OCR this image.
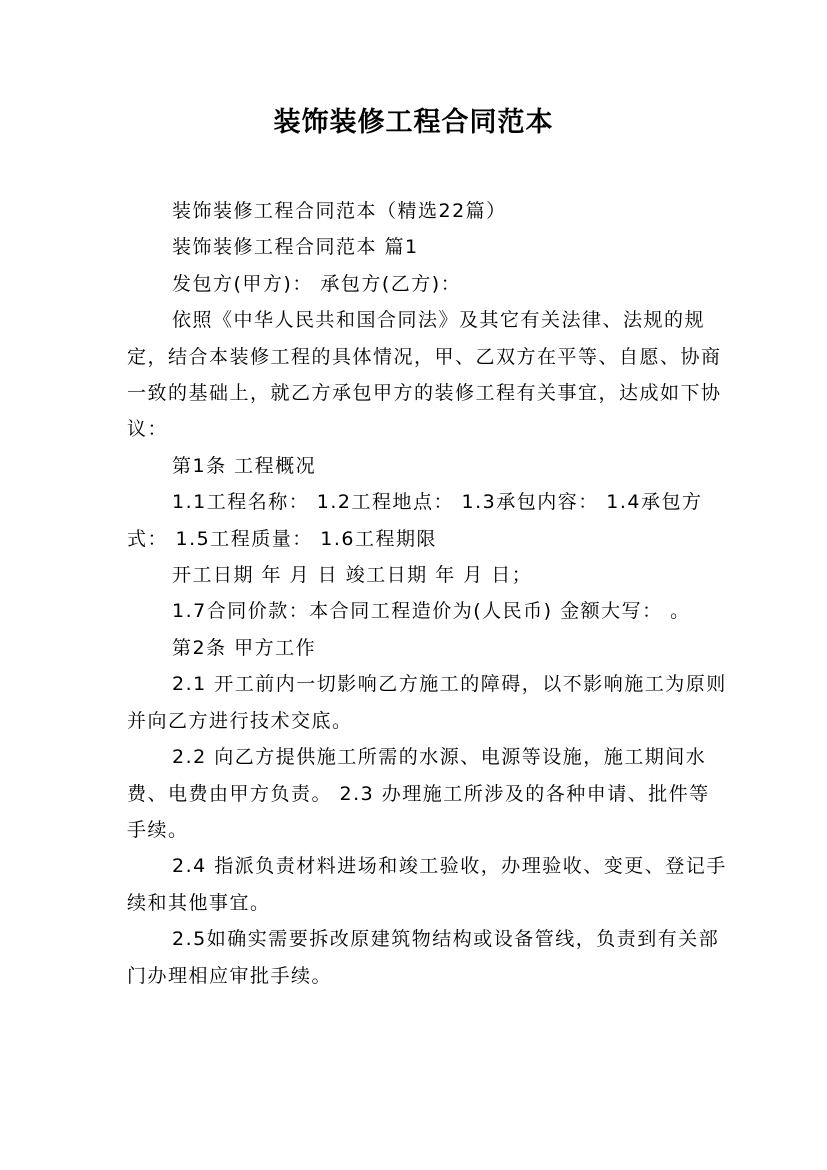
装饰装修工程合同范本

装饰装修工程合同范本（精选22篇）

装饰装修工程合同范本 篇1

发包方(甲方)： 承包方(乙方)：

依照《中华人民共和国合同法》及其它有关法律、法规的规定，结合本装修工程的具体情况，甲、乙双方在平等、自愿、协商一致的基础上，就乙方承包甲方的装修工程有关事宜，达成如下协议：

第1条 工程概况

1.1工程名称： 1.2工程地点： 1.3承包内容： 1.4承包方式： 1.5工程质量： 1.6工程期限

开工日期 年 月 日 竣工日期 年 月 日；

1.7合同价款：本合同工程造价为(人民币) 金额大写： 。

第2条 甲方工作

2.1 开工前内一切影响乙方施工的障碍，以不影响施工为原则并向乙方进行技术交底。

2.2 向乙方提供施工所需的水源、电源等设施，施工期间水费、电费由甲方负责。 2.3 办理施工所涉及的各种申请、批件等手续。

2.4 指派负责材料进场和竣工验收，办理验收、变更、登记手续和其他事宜。

2.5如确实需要拆改原建筑物结构或设备管线，负责到有关部门办理相应审批手续。
